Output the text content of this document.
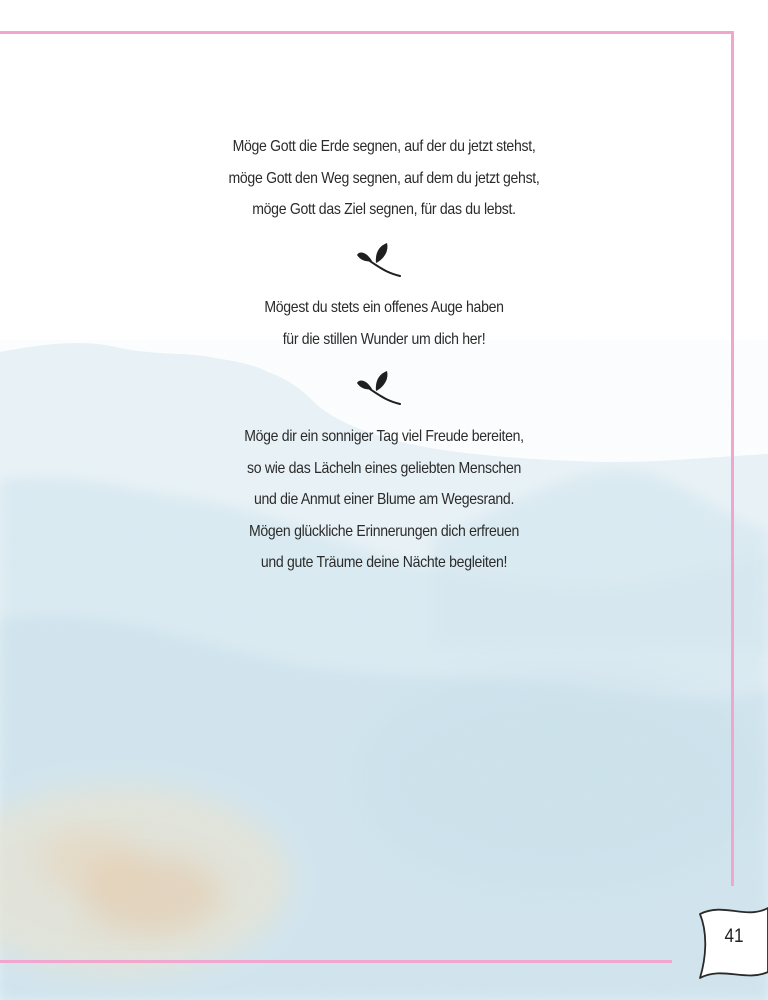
Möge Gott die Erde segnen, auf der du jetzt stehst,
möge Gott den Weg segnen, auf dem du jetzt gehst,
möge Gott das Ziel segnen, für das du lebst.
Mögest du stets ein offenes Auge haben
für die stillen Wunder um dich her!
Möge dir ein sonniger Tag viel Freude bereiten,
so wie das Lächeln eines geliebten Menschen
und die Anmut einer Blume am Wegesrand.
Mögen glückliche Erinnerungen dich erfreuen
und gute Träume deine Nächte begleiten!
41
